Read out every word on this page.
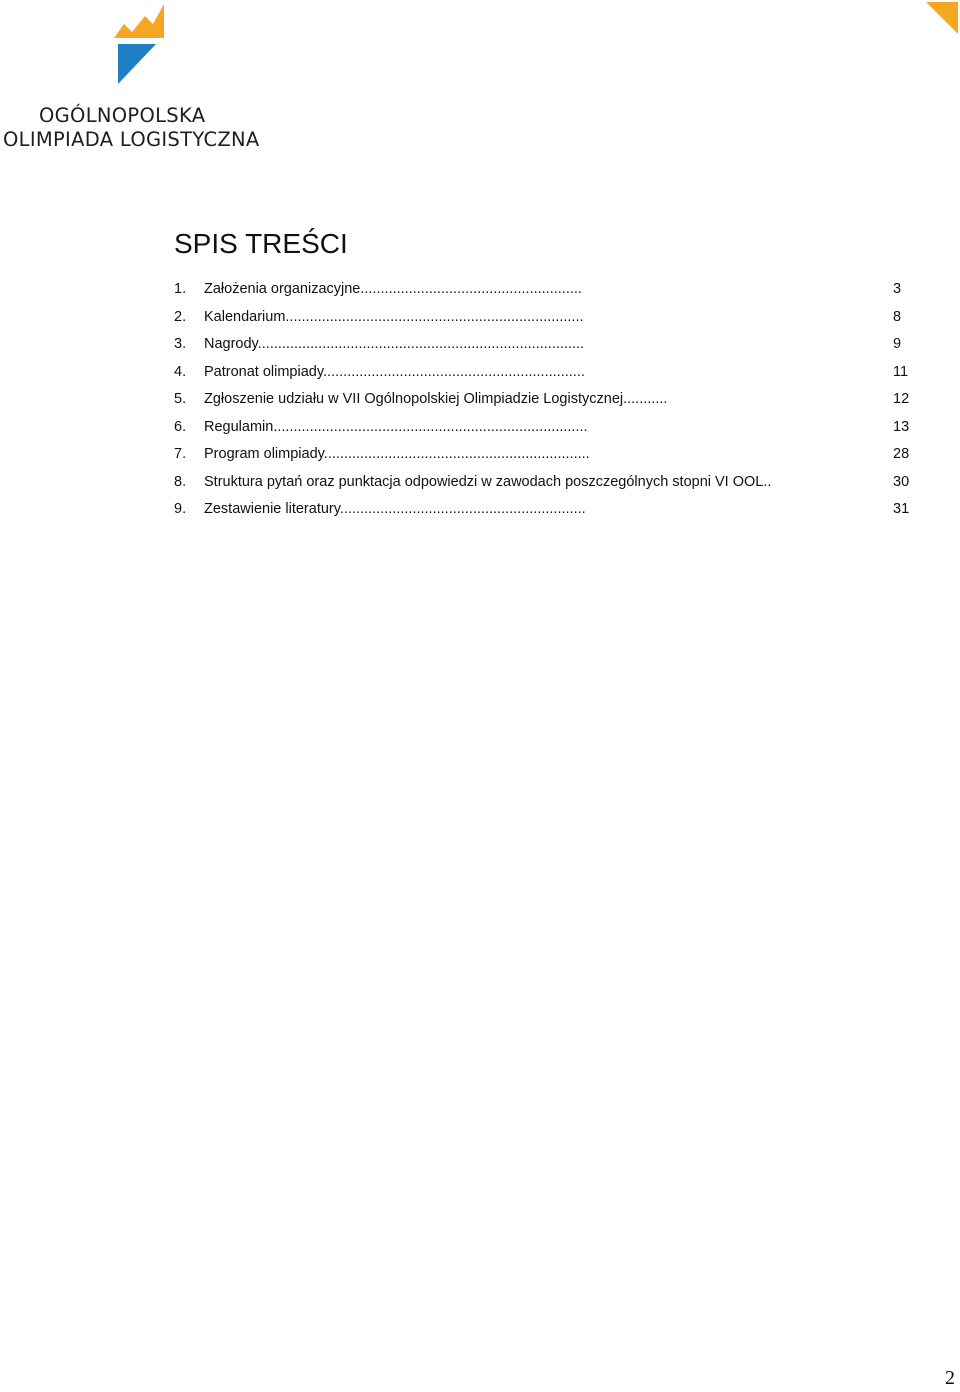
OGÓLNOPOLSKA
OLIMPIADA LOGISTYCZNA
SPIS TREŚCI
1. Założenia organizacyjne.......................................................	3
2. Kalendarium..........................................................................	8
3. Nagrody.................................................................................	9
4. Patronat olimpiady.................................................................	11
5. Zgłoszenie udziału w VII Ogólnopolskiej Olimpiadzie Logistycznej...........	12
6. Regulamin..............................................................................	13
7. Program olimpiady..................................................................	28
8. Struktura pytań oraz punktacja odpowiedzi w zawodach poszczególnych stopni VI OOL..	30
9. Zestawienie literatury.............................................................	31
2
